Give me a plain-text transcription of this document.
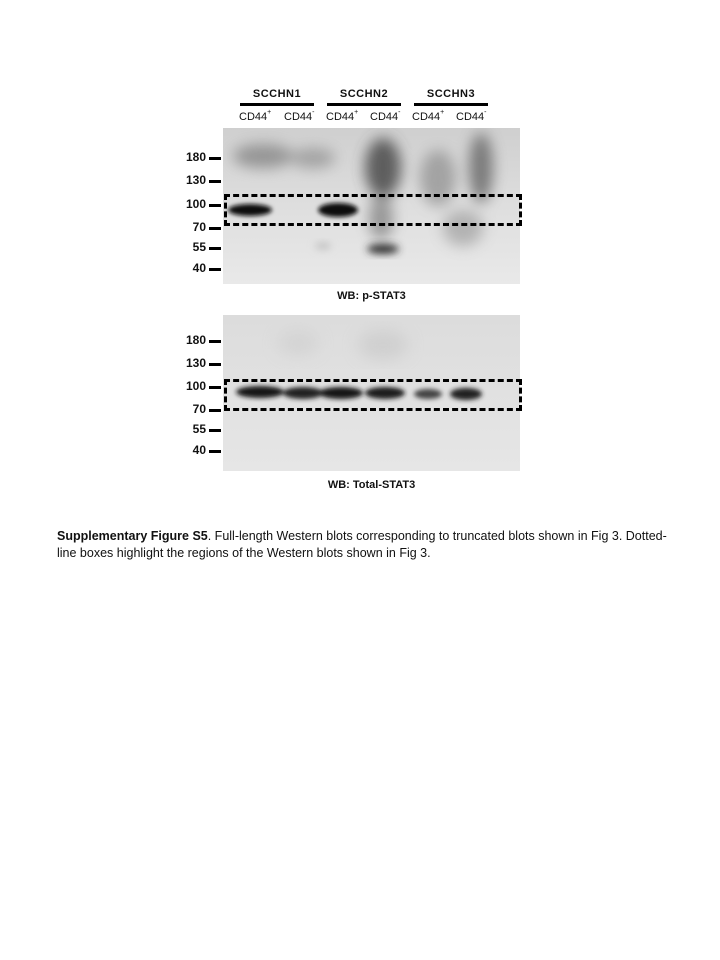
SCCHN1	SCCHN2	SCCHN3
CD44+ CD44- CD44+ CD44- CD44+ CD44-
180
130
100
70
55
40
WB: p-STAT3
180
130
100
70
55
40
WB: Total-STAT3
Supplementary Figure S5. Full-length Western blots corresponding to truncated blots shown in Fig 3. Dotted-line boxes highlight the regions of the Western blots shown in Fig 3.
